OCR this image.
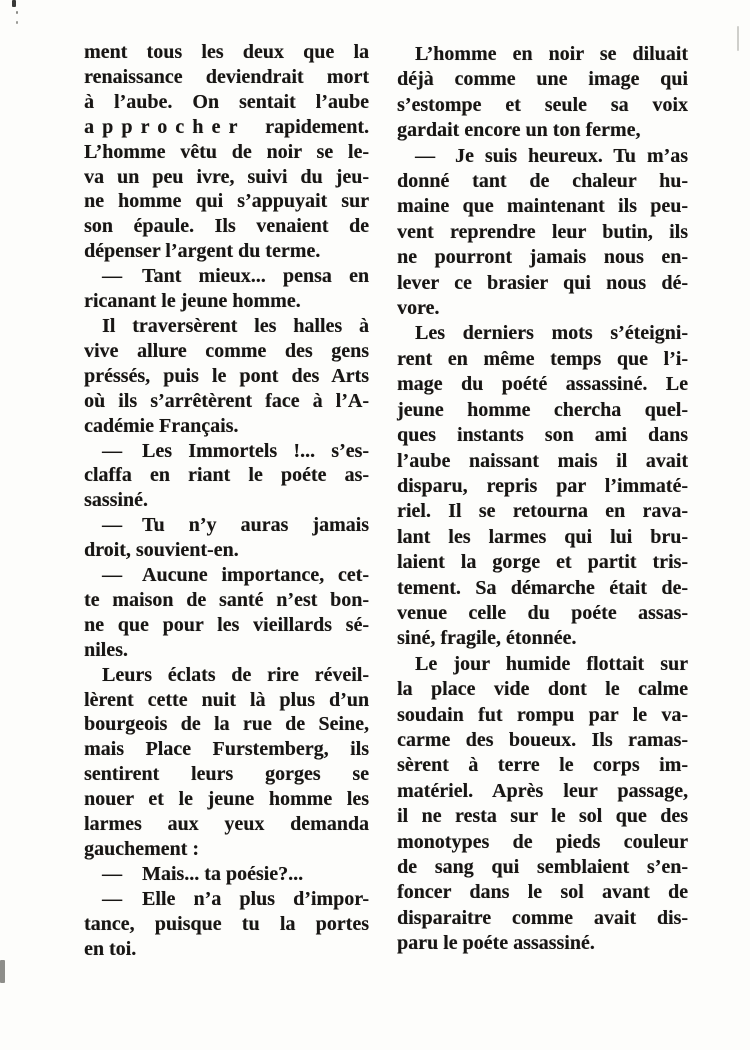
ment tous les deux que la
renaissance deviendrait mort
à l’aube. On sentait l’aube
a p p r o c h e r  rapidement.
L’homme vêtu de noir se le-
va un peu ivre, suivi du jeu-
ne homme qui s’appuyait sur
son épaule. Ils venaient de
dépenser l’argent du terme.
— Tant mieux... pensa en
ricanant le jeune homme.
Il traversèrent les halles à
vive allure comme des gens
préssés, puis le pont des Arts
où ils s’arrêtèrent face à l’A-
cadémie Français.
— Les Immortels !... s’es-
claffa en riant le poéte as-
sassiné.
— Tu n’y auras jamais
droit, souvient-en.
— Aucune importance, cet-
te maison de santé n’est bon-
ne que pour les vieillards sé-
niles.
Leurs éclats de rire réveil-
lèrent cette nuit là plus d’un
bourgeois de la rue de Seine,
mais Place Furstemberg, ils
sentirent leurs gorges se
nouer et le jeune homme les
larmes aux yeux demanda
gauchement :
— Mais... ta poésie?...
— Elle n’a plus d’impor-
tance, puisque tu la portes
en toi.
L’homme en noir se diluait
déjà comme une image qui
s’estompe et seule sa voix
gardait encore un ton ferme,
— Je suis heureux. Tu m’as
donné tant de chaleur hu-
maine que maintenant ils peu-
vent reprendre leur butin, ils
ne pourront jamais nous en-
lever ce brasier qui nous dé-
vore.
Les derniers mots s’éteigni-
rent en même temps que l’i-
mage du poété assassiné. Le
jeune homme chercha quel-
ques instants son ami dans
l’aube naissant mais il avait
disparu, repris par l’immaté-
riel. Il se retourna en rava-
lant les larmes qui lui bru-
laient la gorge et partit tris-
tement. Sa démarche était de-
venue celle du poéte assas-
siné, fragile, étonnée.
Le jour humide flottait sur
la place vide dont le calme
soudain fut rompu par le va-
carme des boueux. Ils ramas-
sèrent à terre le corps im-
matériel. Après leur passage,
il ne resta sur le sol que des
monotypes de pieds couleur
de sang qui semblaient s’en-
foncer dans le sol avant de
disparaitre comme avait dis-
paru le poéte assassiné.
